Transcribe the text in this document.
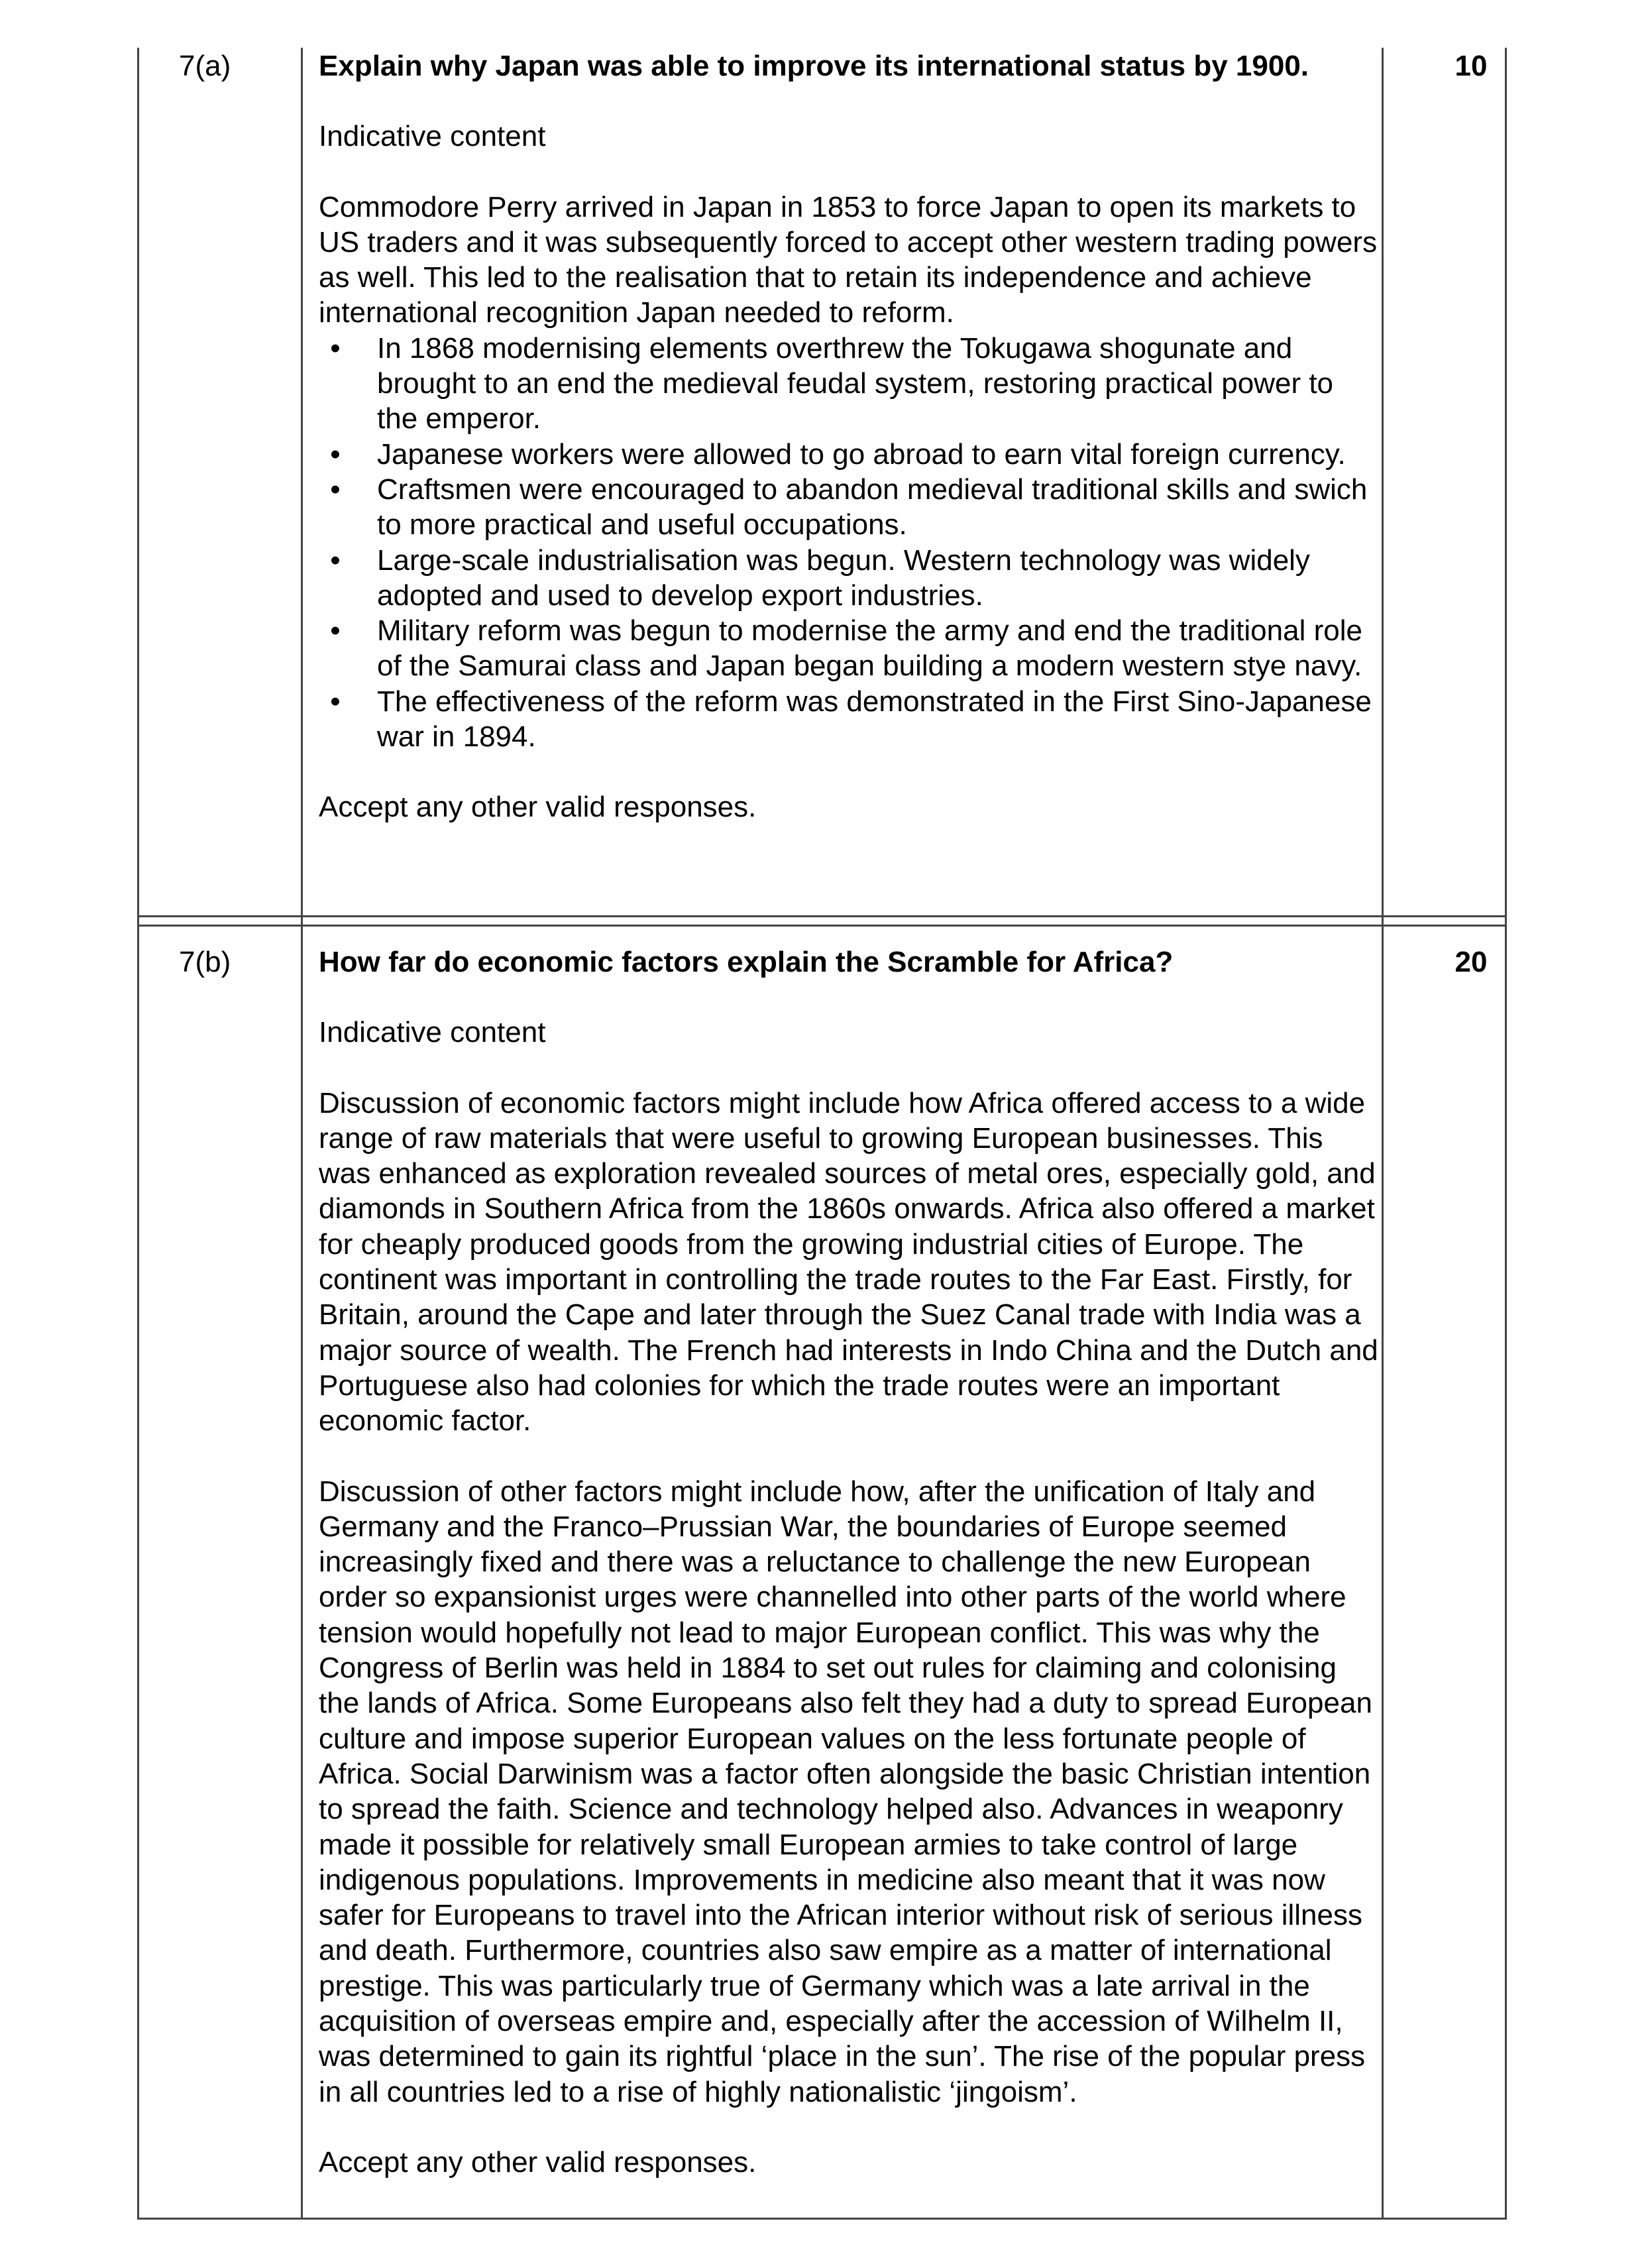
7(a)	10

Explain why Japan was able to improve its international status by 1900.

Indicative content

Commodore Perry arrived in Japan in 1853 to force Japan to open its markets to US traders and it was subsequently forced to accept other western trading powers as well. This led to the realisation that to retain its independence and achieve international recognition Japan needed to reform.

• In 1868 modernising elements overthrew the Tokugawa shogunate and brought to an end the medieval feudal system, restoring practical power to the emperor.
• Japanese workers were allowed to go abroad to earn vital foreign currency.
• Craftsmen were encouraged to abandon medieval traditional skills and swich to more practical and useful occupations.
• Large-scale industrialisation was begun. Western technology was widely adopted and used to develop export industries.
• Military reform was begun to modernise the army and end the traditional role of the Samurai class and Japan began building a modern western stye navy.
• The effectiveness of the reform was demonstrated in the First Sino-Japanese war in 1894.

Accept any other valid responses.

7(b)	20

How far do economic factors explain the Scramble for Africa?

Indicative content

Discussion of economic factors might include how Africa offered access to a wide range of raw materials that were useful to growing European businesses. This was enhanced as exploration revealed sources of metal ores, especially gold, and diamonds in Southern Africa from the 1860s onwards. Africa also offered a market for cheaply produced goods from the growing industrial cities of Europe. The continent was important in controlling the trade routes to the Far East. Firstly, for Britain, around the Cape and later through the Suez Canal trade with India was a major source of wealth. The French had interests in Indo China and the Dutch and Portuguese also had colonies for which the trade routes were an important economic factor.

Discussion of other factors might include how, after the unification of Italy and Germany and the Franco–Prussian War, the boundaries of Europe seemed increasingly fixed and there was a reluctance to challenge the new European order so expansionist urges were channelled into other parts of the world where tension would hopefully not lead to major European conflict. This was why the Congress of Berlin was held in 1884 to set out rules for claiming and colonising the lands of Africa. Some Europeans also felt they had a duty to spread European culture and impose superior European values on the less fortunate people of Africa. Social Darwinism was a factor often alongside the basic Christian intention to spread the faith. Science and technology helped also. Advances in weaponry made it possible for relatively small European armies to take control of large indigenous populations. Improvements in medicine also meant that it was now safer for Europeans to travel into the African interior without risk of serious illness and death. Furthermore, countries also saw empire as a matter of international prestige. This was particularly true of Germany which was a late arrival in the acquisition of overseas empire and, especially after the accession of Wilhelm II, was determined to gain its rightful ‘place in the sun’. The rise of the popular press in all countries led to a rise of highly nationalistic ‘jingoism’.

Accept any other valid responses.
